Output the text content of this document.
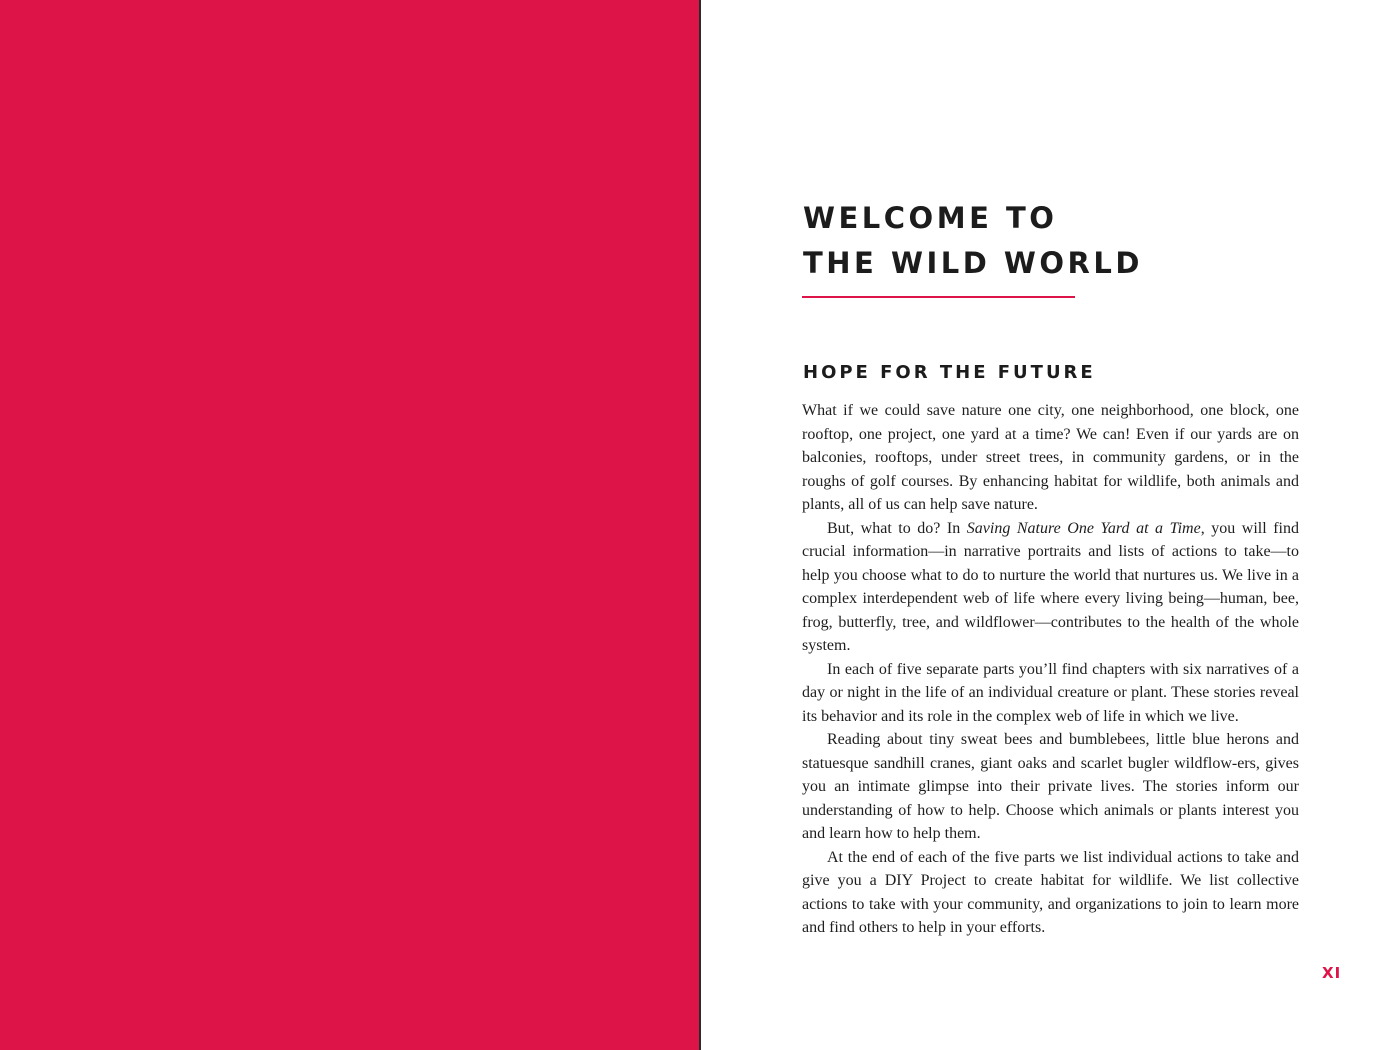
WELCOME TO
THE WILD WORLD
HOPE FOR THE FUTURE

What if we could save nature one city, one neighborhood, one block, one rooftop, one project, one yard at a time? We can! Even if our yards are on balconies, rooftops, under street trees, in community gardens, or in the roughs of golf courses. By enhancing habitat for wildlife, both animals and plants, all of us can help save nature.

But, what to do? In Saving Nature One Yard at a Time, you will find crucial information—in narrative portraits and lists of actions to take—to help you choose what to do to nurture the world that nurtures us. We live in a complex interdependent web of life where every living being—human, bee, frog, butterfly, tree, and wildflower—contributes to the health of the whole system.

In each of five separate parts you’ll find chapters with six narratives of a day or night in the life of an individual creature or plant. These stories reveal its behavior and its role in the complex web of life in which we live.

Reading about tiny sweat bees and bumblebees, little blue herons and statuesque sandhill cranes, giant oaks and scarlet bugler wildflow-ers, gives you an intimate glimpse into their private lives. The stories inform our understanding of how to help. Choose which animals or plants interest you and learn how to help them.

At the end of each of the five parts we list individual actions to take and give you a DIY Project to create habitat for wildlife. We list collective actions to take with your community, and organizations to join to learn more and find others to help in your efforts.

XI
